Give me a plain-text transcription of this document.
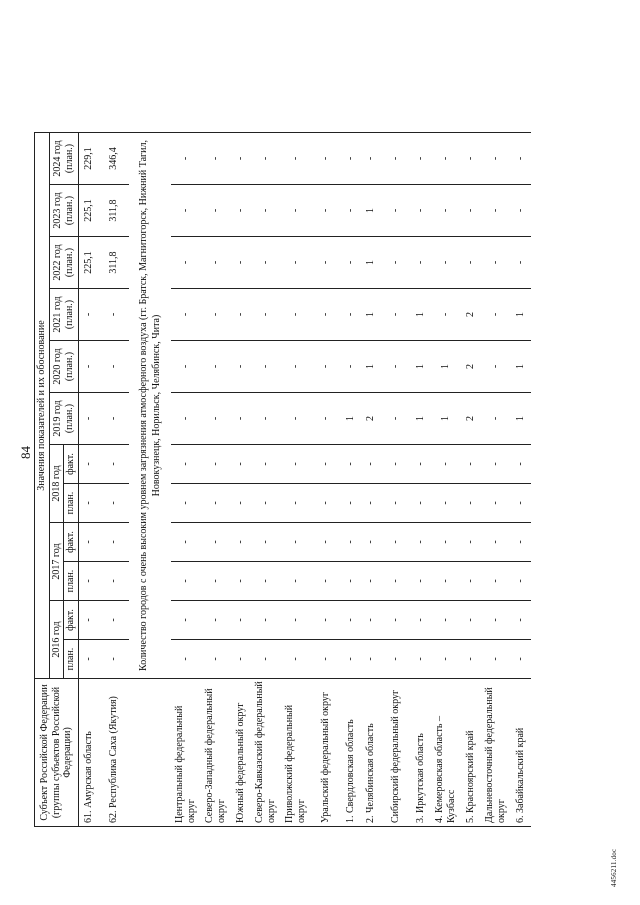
84
Субъект Российской Федерации (группы субъектов Российской Федерации)	Значения показателей и их обоснование											
	2016 год		2017 год		2018 год		2019 год (план.)	2020 год (план.)	2021 год (план.)	2022 год (план.)	2023 год (план.)	2024 год (план.)
	план.	факт.	план.	факт.	план.	факт.						
61. Амурская область	-	-	-	-	-	-	-	-	-	225,1	225,1	229,1
62. Республика Саха (Якутия)	-	-	-	-	-	-	-	-	-	311,8	311,8	346,4
	Количество городов с очень высоким уровнем загрязнения атмосферного воздуха (гг. Братск, Магнитогорск, Нижний Тагил, Новокузнецк, Норильск, Челябинск, Чита)											
Центральный федеральный округ	-	-	-	-	-	-	-	-	-	-	-	-
Северо-Западный федеральный округ	-	-	-	-	-	-	-	-	-	-	-	-
Южный федеральный округ	-	-	-	-	-	-	-	-	-	-	-	-
Северо-Кавказский федеральный округ	-	-	-	-	-	-	-	-	-	-	-	-
Приволжский федеральный округ	-	-	-	-	-	-	-	-	-	-	-	-
Уральский федеральный округ	-	-	-	-	-	-	-	-	-	-	-	-
1. Свердловская область	-	-	-	-	-	-	1	-	-	-	-	-
2. Челябинская область	-	-	-	-	-	-	2	1	1	1	1	-
Сибирский федеральный округ	-	-	-	-	-	-	-	-	-	-	-	-
3. Иркутская область	-	-	-	-	-	-	1	1	1	-	-	-
4. Кемеровская область – Кузбасс	-	-	-	-	-	-	1	1	-	-	-	-
5. Красноярский край	-	-	-	-	-	-	2	2	2	-	-	-
Дальневосточный федеральный округ	-	-	-	-	-	-	-	-	-	-	-	-
6. Забайкальский край	-	-	-	-	-	-	1	1	1	-	-	-
4456211.doc
